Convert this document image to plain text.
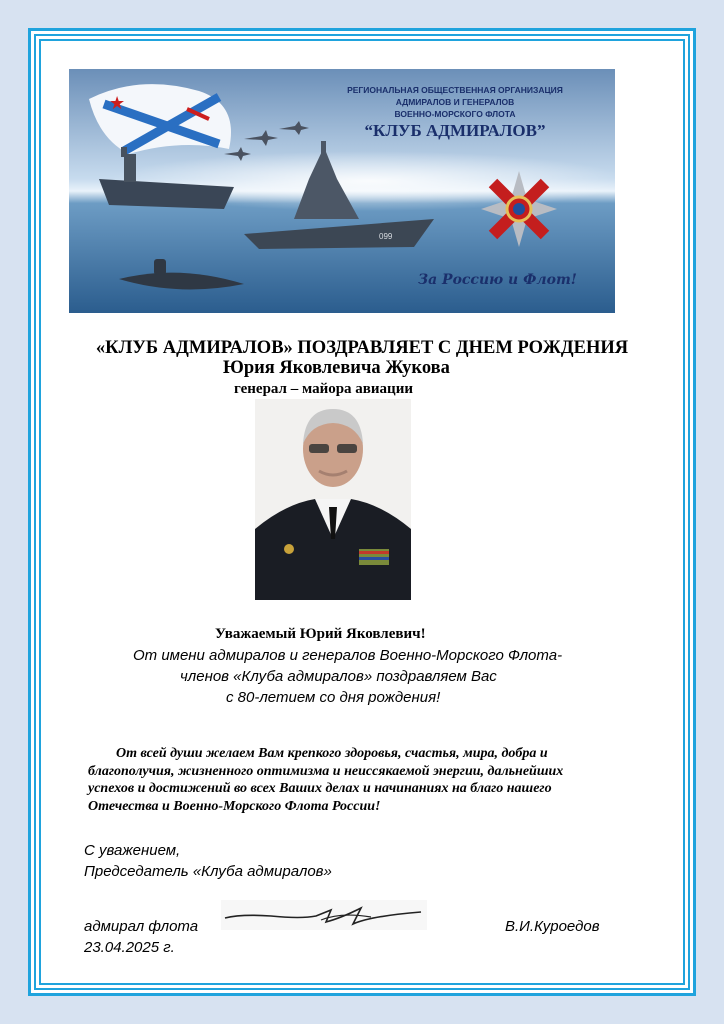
★
099
РЕГИОНАЛЬНАЯ ОБЩЕСТВЕННАЯ ОРГАНИЗАЦИЯ
АДМИРАЛОВ И ГЕНЕРАЛОВ
ВОЕННО-МОРСКОГО ФЛОТА
“КЛУБ АДМИРАЛОВ”
За Россию и Флот!
«КЛУБ АДМИРАЛОВ» ПОЗДРАВЛЯЕТ С ДНЕМ РОЖДЕНИЯ
Юрия Яковлевича Жукова
генерал – майора авиации
Уважаемый Юрий Яковлевич!
От имени адмиралов и генералов Военно-Морского Флота-
членов «Клуба адмиралов» поздравляем Вас
с 80-летием со дня рождения!
От всей души желаем Вам крепкого здоровья, счастья, мира, добра и
благополучия, жизненного оптимизма и неиссякаемой энергии, дальнейших
успехов и достижений во всех Ваших делах и начинаниях на благо нашего
Отечества и Военно-Морского Флота России!
С уважением,
Председатель «Клуба адмиралов»
адмирал флота	В.И.Куроедов
23.04.2025 г.
